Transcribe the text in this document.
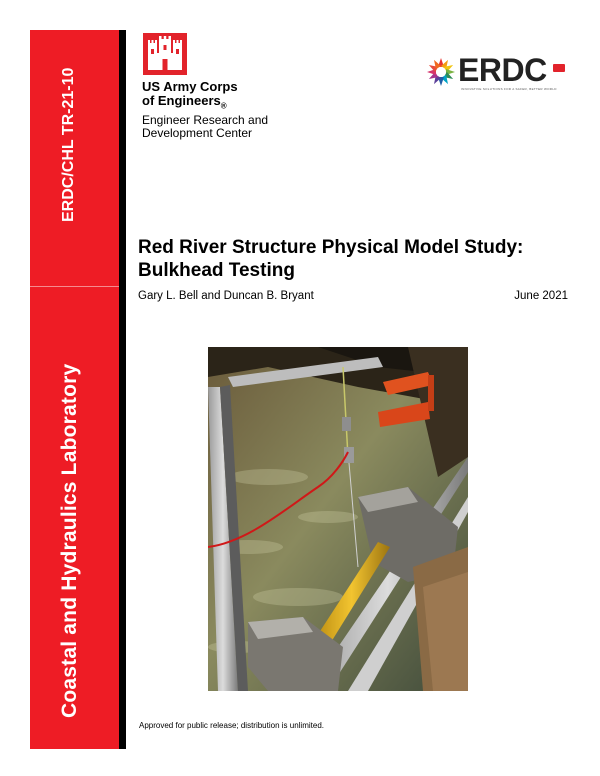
ERDC/CHL TR-21-10
Coastal and Hydraulics Laboratory
US Army Corps
of Engineers$_®$
Engineer Research and
Development Center
ERDC
INNOVATIVE SOLUTIONS FOR A SAFER, BETTER WORLD
Red River Structure Physical Model Study:
Bulkhead Testing
Gary L. Bell and Duncan B. Bryant	June 2021
Approved for public release; distribution is unlimited.
